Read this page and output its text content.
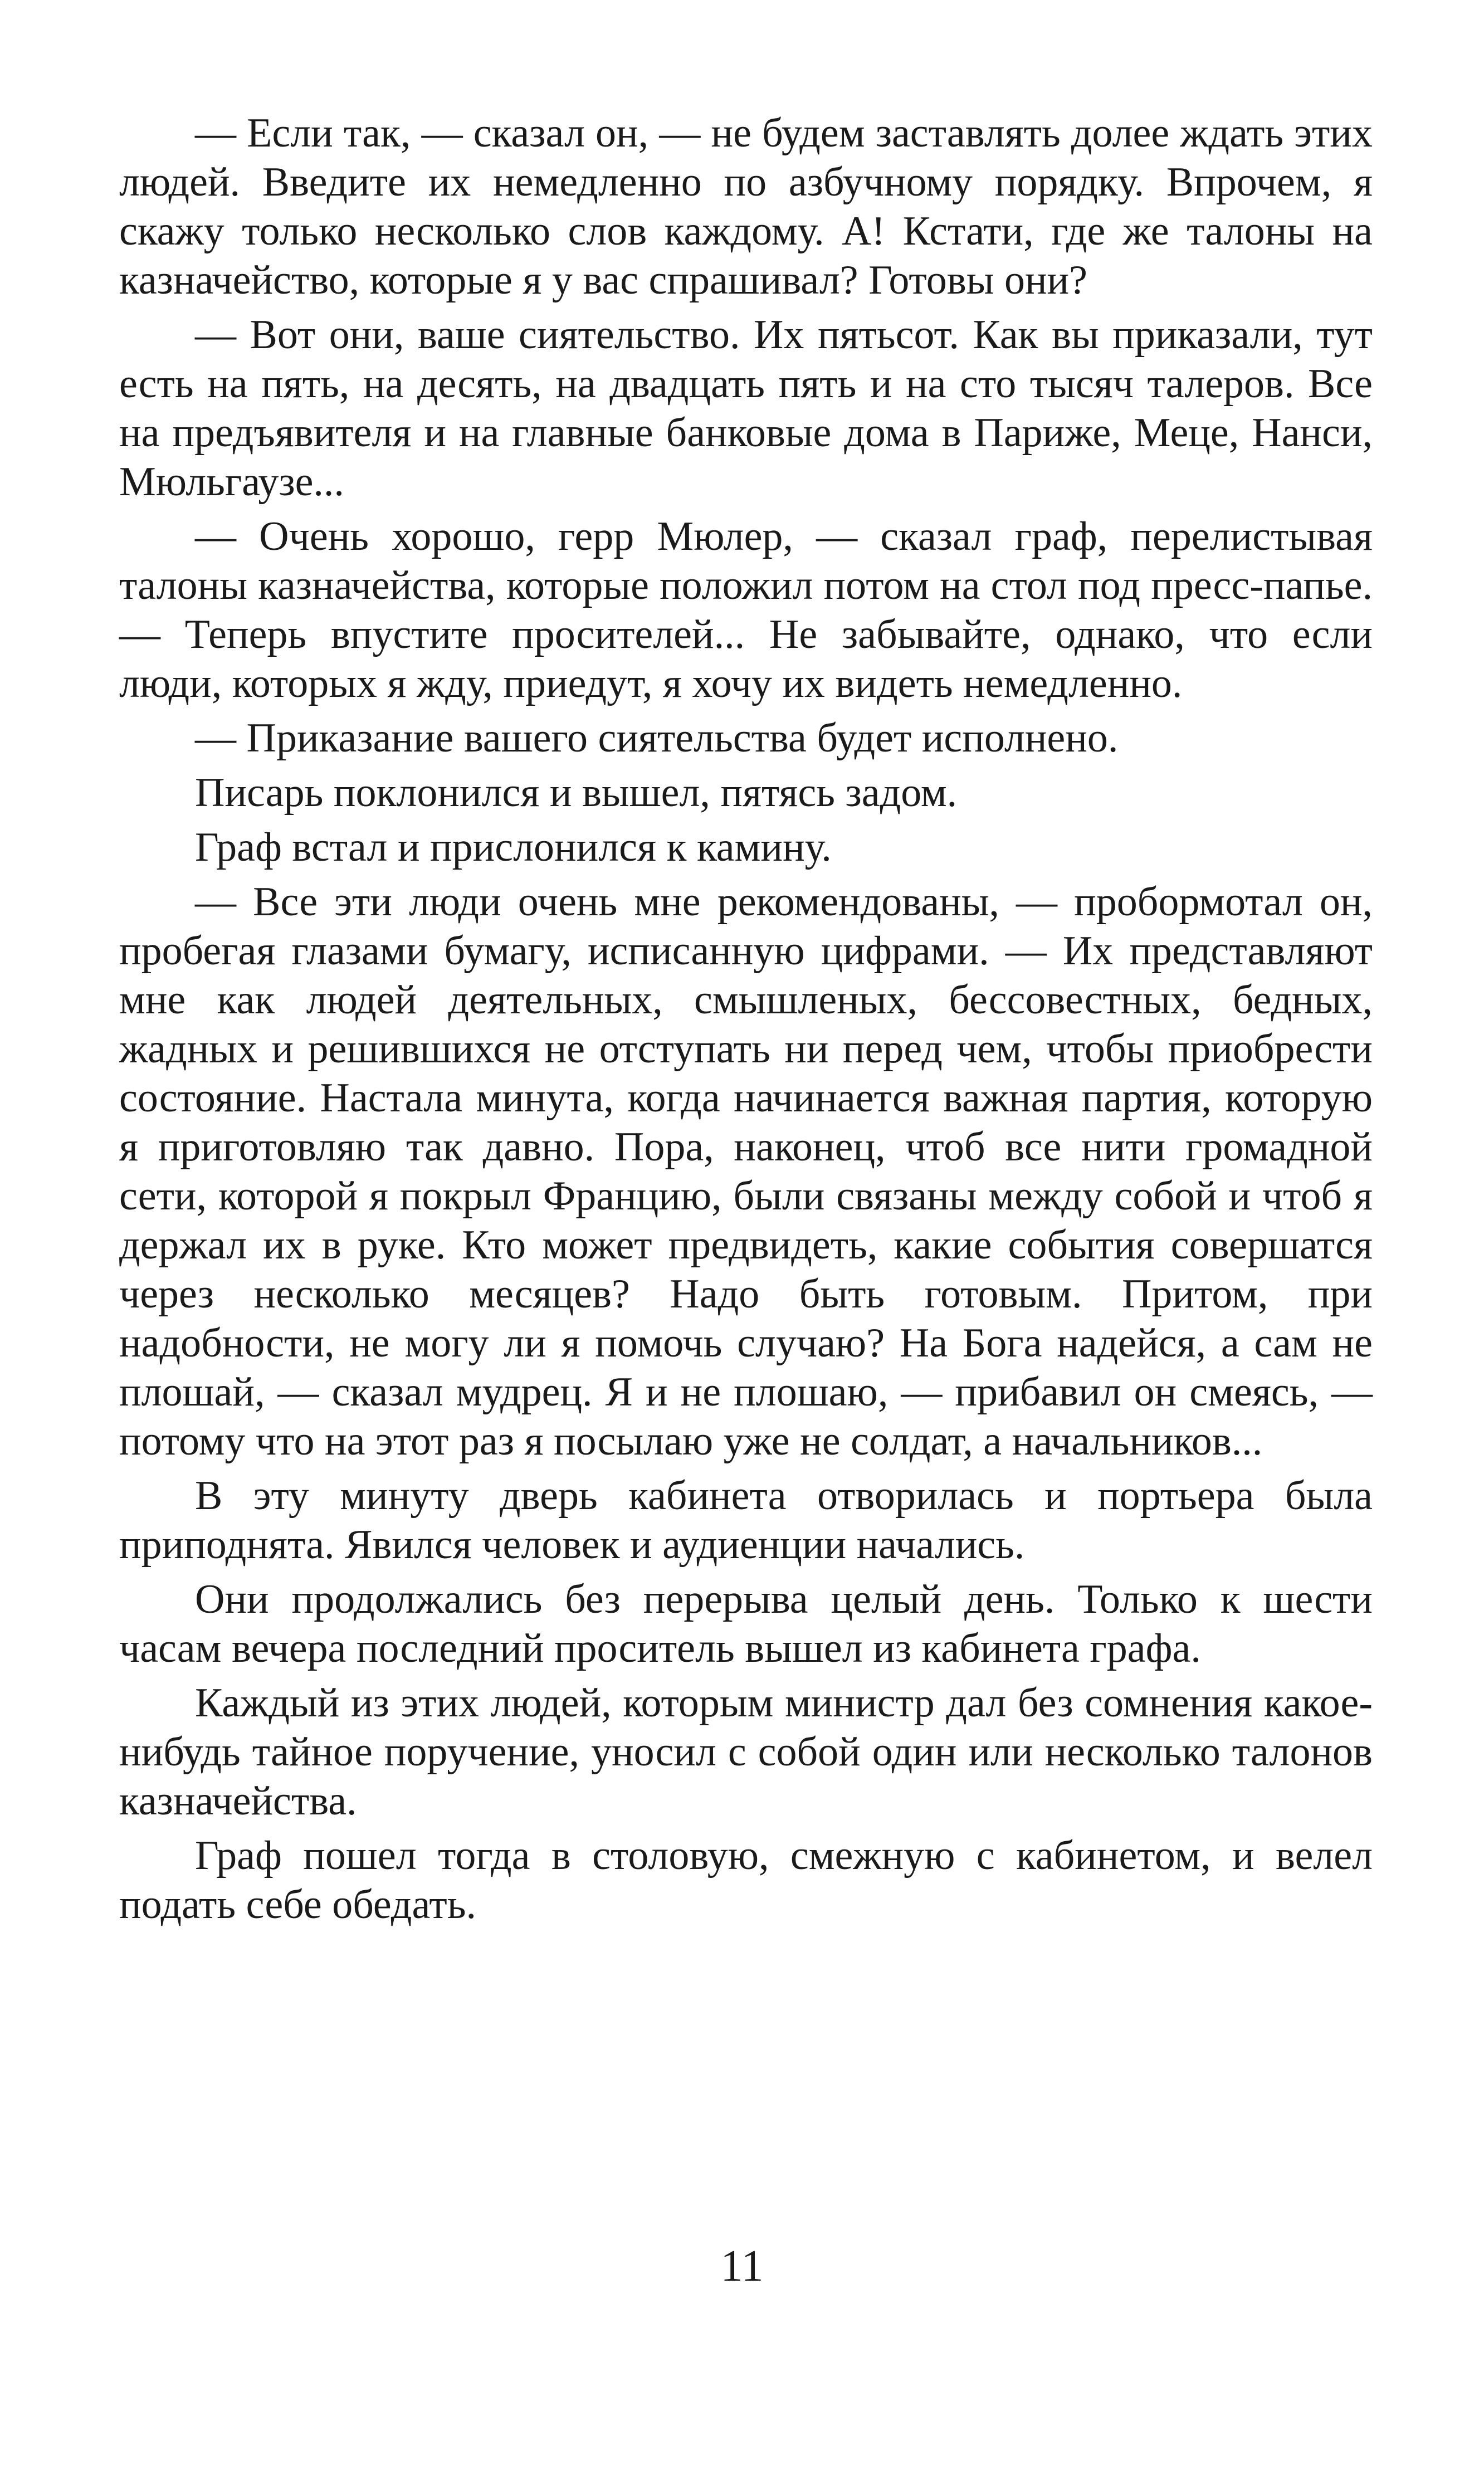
— Если так, — сказал он, — не будем заставлять долее ждать этих людей. Введите их немедленно по азбучному порядку. Впрочем, я скажу только несколько слов каждому. А! Кстати, где же талоны на казначейство, которые я у вас спрашивал? Готовы они?

— Вот они, ваше сиятельство. Их пятьсот. Как вы приказали, тут есть на пять, на десять, на двадцать пять и на сто тысяч талеров. Все на предъявителя и на главные банковые дома в Париже, Меце, Нанси, Мюльгаузе...

— Очень хорошо, герр Мюлер, — сказал граф, перелистывая талоны казначейства, которые положил потом на стол под пресс-папье. — Теперь впустите просителей... Не забывайте, однако, что если люди, которых я жду, приедут, я хочу их видеть немедленно.

— Приказание вашего сиятельства будет исполнено.

Писарь поклонился и вышел, пятясь задом.

Граф встал и прислонился к камину.

— Все эти люди очень мне рекомендованы, — пробормотал он, пробегая глазами бумагу, исписанную цифрами. — Их представляют мне как людей деятельных, смышленых, бессовестных, бедных, жадных и решившихся не отступать ни перед чем, чтобы приобрести состояние. Настала минута, когда начинается важная партия, которую я приготовляю так давно. Пора, наконец, чтоб все нити громадной сети, которой я покрыл Францию, были связаны между собой и чтоб я держал их в руке. Кто может предвидеть, какие события совершатся через несколько месяцев? Надо быть готовым. Притом, при надобности, не могу ли я помочь случаю? На Бога надейся, а сам не плошай, — сказал мудрец. Я и не плошаю, — прибавил он смеясь, — потому что на этот раз я посылаю уже не солдат, а начальников...

В эту минуту дверь кабинета отворилась и портьера была приподнята. Явился человек и аудиенции начались.

Они продолжались без перерыва целый день. Только к шести часам вечера последний проситель вышел из кабинета графа.

Каждый из этих людей, которым министр дал без сомнения какое-нибудь тайное поручение, уносил с собой один или несколько талонов казначейства.

Граф пошел тогда в столовую, смежную с кабинетом, и велел подать себе обедать.

11
